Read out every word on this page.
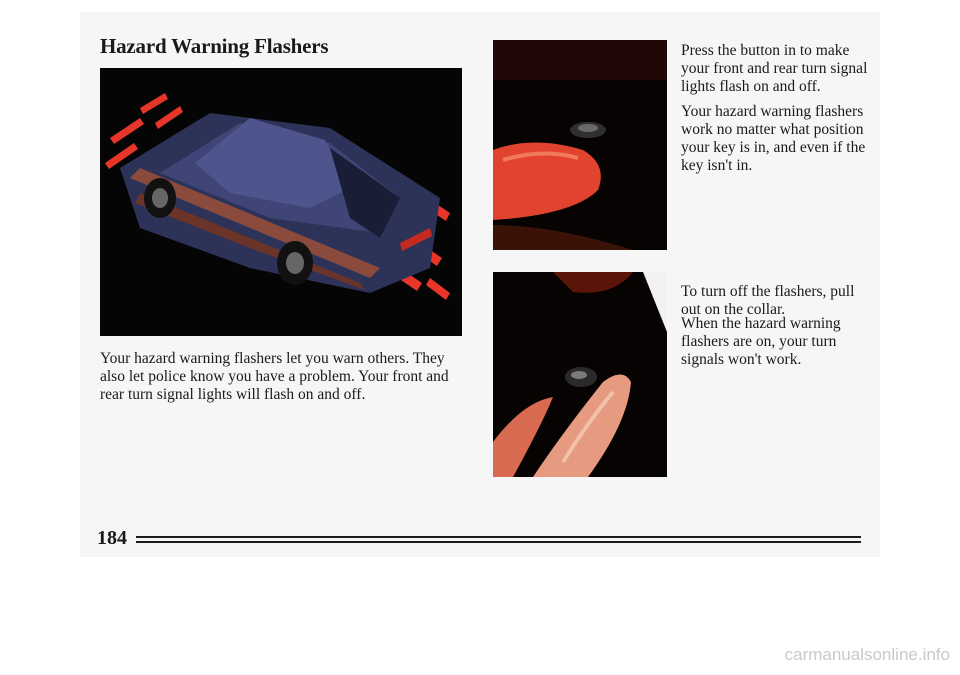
Hazard Warning Flashers

Your hazard warning flashers let you warn others. They also let police know you have a problem. Your front and rear turn signal lights will flash on and off.

Press the button in to make your front and rear turn signal lights flash on and off.

Your hazard warning flashers work no matter what position your key is in, and even if the key isn't in.

To turn off the flashers, pull out on the collar.

When the hazard warning flashers are on, your turn signals won't work.

184
carmanualsonline.info
